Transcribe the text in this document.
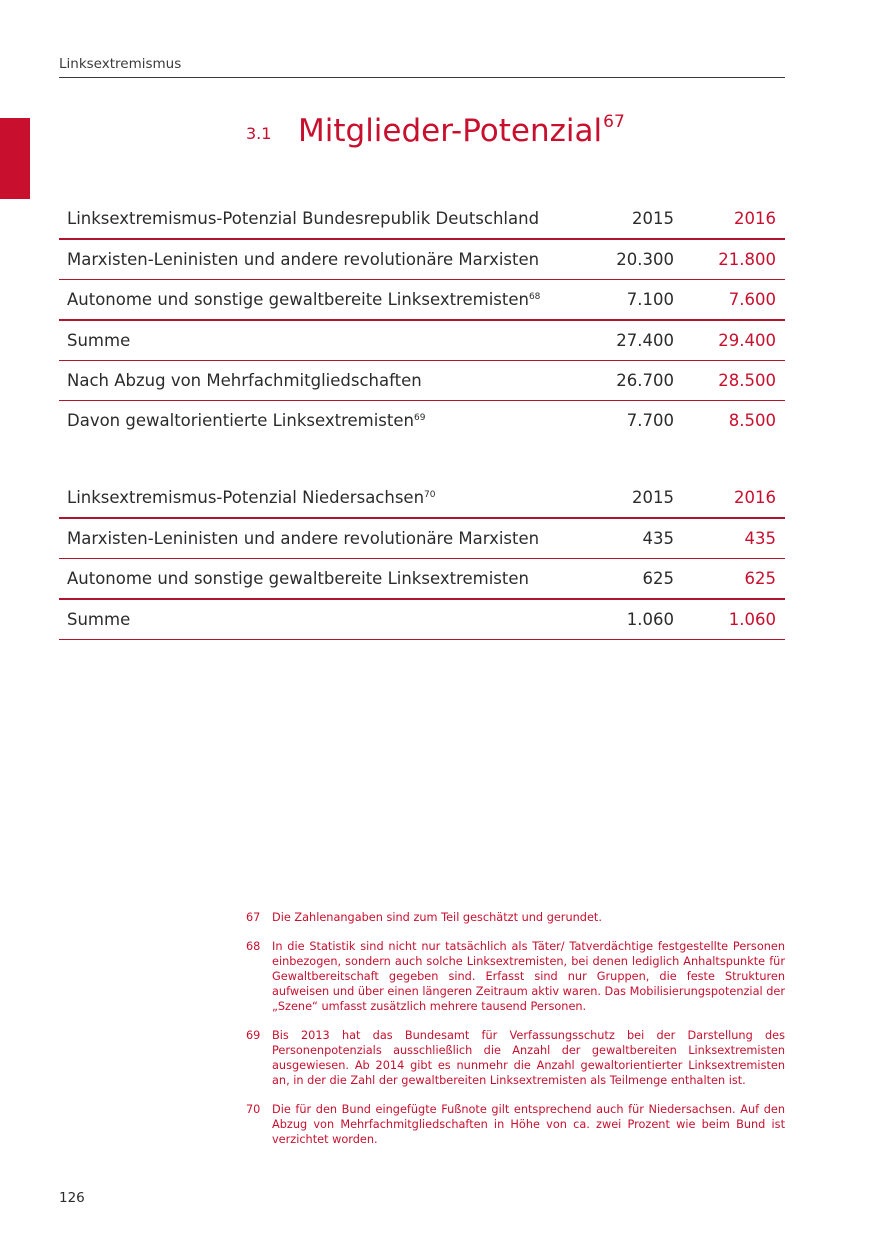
Linksextremismus
3.1 Mitglieder-Potenzial$^{67}$
Linksextremismus-Potenzial Bundesrepublik Deutschland	2015	2016
Marxisten-Leninisten und andere revolutionäre Marxisten	20.300	21.800
Autonome und sonstige gewaltbereite Linksextremisten$^{68}$	7.100	7.600
Summe	27.400	29.400
Nach Abzug von Mehrfachmitgliedschaften	26.700	28.500
Davon gewaltorientierte Linksextremisten$^{69}$	7.700	8.500
Linksextremismus-Potenzial Niedersachsen$^{70}$	2015	2016
Marxisten-Leninisten und andere revolutionäre Marxisten	435	435
Autonome und sonstige gewaltbereite Linksextremisten	625	625
Summe	1.060	1.060
67	Die Zahlenangaben sind zum Teil geschätzt und gerundet.
68	In die Statistik sind nicht nur tatsächlich als Täter/ Tatverdächtige festgestellte Personen einbezogen, sondern auch solche Linksextremisten, bei denen lediglich Anhaltspunkte für Gewaltbereitschaft gegeben sind. Erfasst sind nur Gruppen, die feste Strukturen aufweisen und über einen längeren Zeitraum aktiv waren. Das Mobilisierungspotenzial der „Szene“ umfasst zusätzlich mehrere tausend Personen.
69	Bis 2013 hat das Bundesamt für Verfassungsschutz bei der Darstellung des Personenpotenzials ausschließlich die Anzahl der gewaltbereiten Linksextremisten ausgewiesen. Ab 2014 gibt es nunmehr die Anzahl gewaltorientierter Linksextremisten an, in der die Zahl der gewaltbereiten Linksextremisten als Teilmenge enthalten ist.
70	Die für den Bund eingefügte Fußnote gilt entsprechend auch für Niedersachsen. Auf den Abzug von Mehrfachmitgliedschaften in Höhe von ca. zwei Prozent wie beim Bund ist verzichtet worden.
126
